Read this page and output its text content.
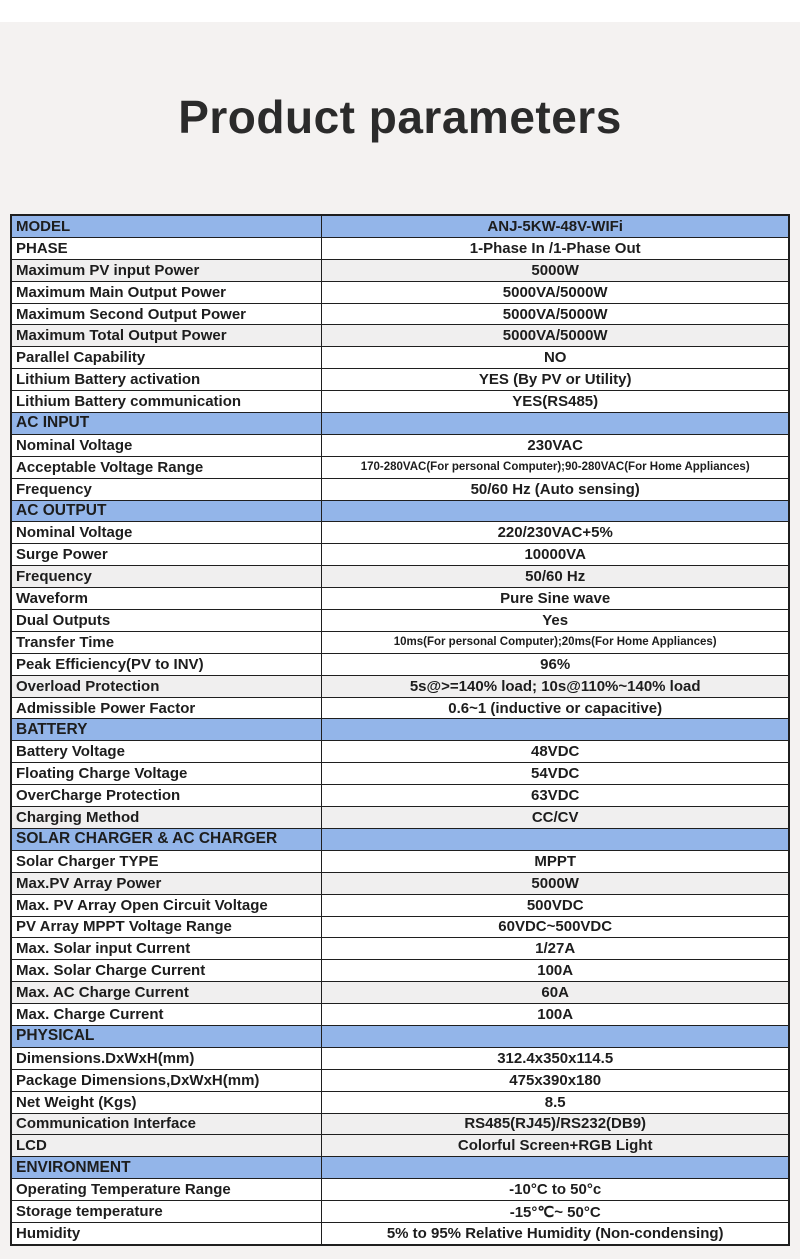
Product parameters
MODEL	ANJ-5KW-48V-WIFi
PHASE	1-Phase In /1-Phase Out
Maximum PV input Power	5000W
Maximum Main Output Power	5000VA/5000W
Maximum Second Output Power	5000VA/5000W
Maximum Total Output Power	5000VA/5000W
Parallel Capability	NO
Lithium Battery activation	YES (By PV or Utility)
Lithium Battery communication	YES(RS485)
AC INPUT
Nominal Voltage	230VAC
Acceptable Voltage Range	170-280VAC(For personal Computer);90-280VAC(For Home Appliances)
Frequency	50/60 Hz (Auto sensing)
AC OUTPUT
Nominal Voltage	220/230VAC+5%
Surge Power	10000VA
Frequency	50/60 Hz
Waveform	Pure Sine wave
Dual Outputs	Yes
Transfer Time	10ms(For personal Computer);20ms(For Home Appliances)
Peak Efficiency(PV to INV)	96%
Overload Protection	5s@>=140% load; 10s@110%~140% load
Admissible Power Factor	0.6~1 (inductive or capacitive)
BATTERY
Battery Voltage	48VDC
Floating Charge Voltage	54VDC
OverCharge Protection	63VDC
Charging Method	CC/CV
SOLAR CHARGER & AC CHARGER
Solar Charger TYPE	MPPT
Max.PV Array Power	5000W
Max. PV Array Open Circuit Voltage	500VDC
PV Array MPPT Voltage Range	60VDC~500VDC
Max. Solar input Current	1/27A
Max. Solar Charge Current	100A
Max. AC Charge Current	60A
Max. Charge Current	100A
PHYSICAL
Dimensions.DxWxH(mm)	312.4x350x114.5
Package Dimensions,DxWxH(mm)	475x390x180
Net Weight (Kgs)	8.5
Communication Interface	RS485(RJ45)/RS232(DB9)
LCD	Colorful Screen+RGB Light
ENVIRONMENT
Operating Temperature Range	-10°C to 50°c
Storage temperature	-15°℃~ 50°C
Humidity	5% to 95% Relative Humidity (Non-condensing)
